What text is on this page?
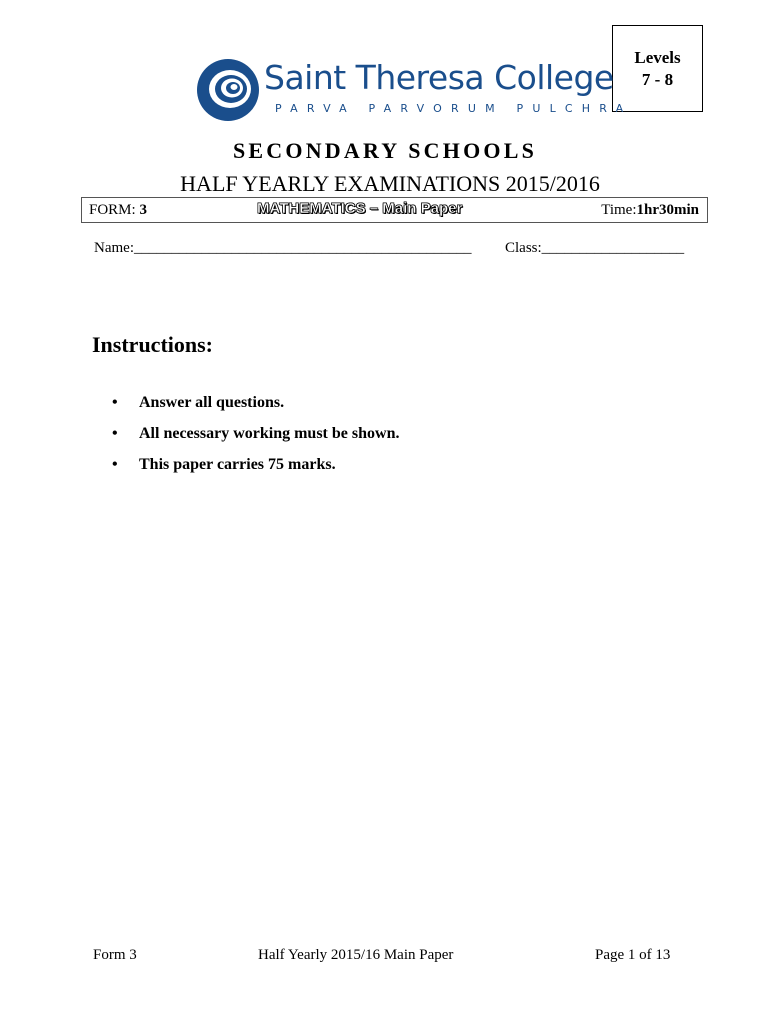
Levels
7 - 8
Saint Theresa College
PARVA PARVORUM PULCHRA
SECONDARY SCHOOLS
HALF YEARLY EXAMINATIONS 2015/2016
FORM: 3	MATHEMATICS – Main Paper	Time:1hr30min
Name:_____________________________________________ Class:___________________
Instructions:
• Answer all questions.
• All necessary working must be shown.
• This paper carries 75 marks.
Form 3	Half Yearly 2015/16 Main Paper	Page 1 of 13
